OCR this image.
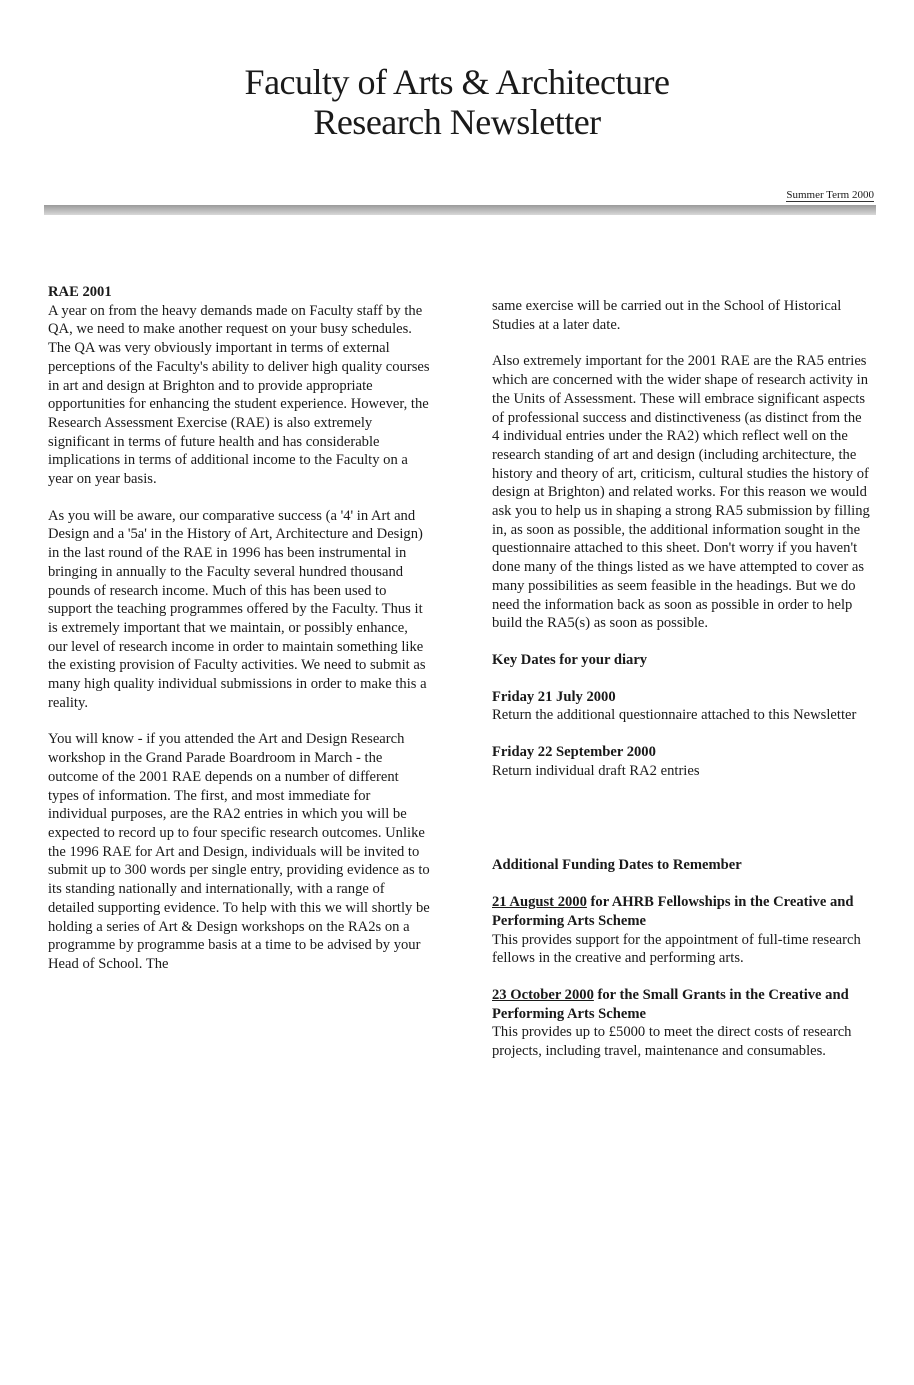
Faculty of Arts & Architecture
Research Newsletter
Summer Term 2000
RAE 2001

A year on from the heavy demands made on Faculty staff by the QA, we need to make another request on your busy schedules. The QA was very obviously important in terms of external perceptions of the Faculty's ability to deliver high quality courses in art and design at Brighton and to provide appropriate opportunities for enhancing the student experience. However, the Research Assessment Exercise (RAE) is also extremely significant in terms of future health and has considerable implications in terms of additional income to the Faculty on a year on year basis.

As you will be aware, our comparative success (a '4' in Art and Design and a '5a' in the History of Art, Architecture and Design) in the last round of the RAE in 1996 has been instrumental in bringing in annually to the Faculty several hundred thousand pounds of research income. Much of this has been used to support the teaching programmes offered by the Faculty. Thus it is extremely important that we maintain, or possibly enhance, our level of research income in order to maintain something like the existing provision of Faculty activities. We need to submit as many high quality individual submissions in order to make this a reality.

You will know - if you attended the Art and Design Research workshop in the Grand Parade Boardroom in March - the outcome of the 2001 RAE depends on a number of different types of information. The first, and most immediate for individual purposes, are the RA2 entries in which you will be expected to record up to four specific research outcomes. Unlike the 1996 RAE for Art and Design, individuals will be invited to submit up to 300 words per single entry, providing evidence as to its standing nationally and internationally, with a range of detailed supporting evidence. To help with this we will shortly be holding a series of Art & Design workshops on the RA2s on a programme by programme basis at a time to be advised by your Head of School. The

same exercise will be carried out in the School of Historical Studies at a later date.

Also extremely important for the 2001 RAE are the RA5 entries which are concerned with the wider shape of research activity in the Units of Assessment. These will embrace significant aspects of professional success and distinctiveness (as distinct from the 4 individual entries under the RA2) which reflect well on the research standing of art and design (including architecture, the history and theory of art, criticism, cultural studies the history of design at Brighton) and related works. For this reason we would ask you to help us in shaping a strong RA5 submission by filling in, as soon as possible, the additional information sought in the questionnaire attached to this sheet. Don't worry if you haven't done many of the things listed as we have attempted to cover as many possibilities as seem feasible in the headings. But we do need the information back as soon as possible in order to help build the RA5(s) as soon as possible.

Key Dates for your diary

Friday 21 July 2000
Return the additional questionnaire attached to this Newsletter
Friday 22 September 2000
Return individual draft RA2 entries

Additional Funding Dates to Remember

21 August 2000 for AHRB Fellowships in the Creative and Performing Arts Scheme
This provides support for the appointment of full-time research fellows in the creative and performing arts.
23 October 2000 for the Small Grants in the Creative and Performing Arts Scheme
This provides up to £5000 to meet the direct costs of research projects, including travel, maintenance and consumables.
